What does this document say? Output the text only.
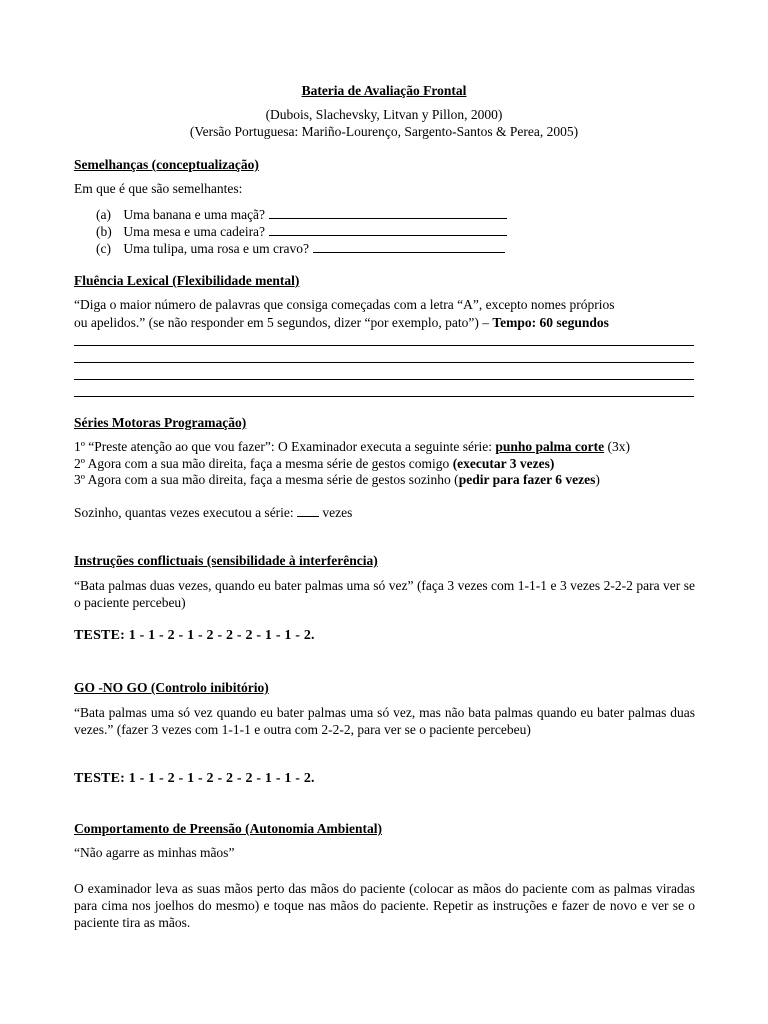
Bateria de Avaliação Frontal
(Dubois, Slachevsky, Litvan y Pillon, 2000)
(Versão Portuguesa: Mariño-Lourenço, Sargento-Santos & Perea, 2005)
Semelhanças (conceptualização)
Em que é que são semelhantes:
(a) Uma banana e uma maçã?
(b) Uma mesa e uma cadeira?
(c) Uma tulipa, uma rosa e um cravo?
Fluência Lexical (Flexibilidade mental)
“Diga o maior número de palavras que consiga começadas com a letra “A”, excepto nomes próprios
ou apelidos.” (se não responder em 5 segundos, dizer “por exemplo, pato”) – Tempo: 60 segundos
Séries Motoras Programação)
1º “Preste atenção ao que vou fazer”: O Examinador executa a seguinte série: punho palma corte (3x)
2º Agora com a sua mão direita, faça a mesma série de gestos comigo (executar 3 vezes)
3º Agora com a sua mão direita, faça a mesma série de gestos sozinho (pedir para fazer 6 vezes)
Sozinho, quantas vezes executou a série:  vezes
Instruções conflictuais (sensibilidade à interferência)
“Bata palmas duas vezes, quando eu bater palmas uma só vez” (faça 3 vezes com 1-1-1 e 3 vezes 2-2-2 para ver se o paciente percebeu)
TESTE: 1 - 1 - 2 - 1 - 2 - 2 - 2 - 1 - 1 - 2.
GO -NO GO (Controlo inibitório)
“Bata palmas uma só vez quando eu bater palmas uma só vez, mas não bata palmas quando eu bater palmas duas vezes.” (fazer 3 vezes com 1-1-1 e outra com 2-2-2, para ver se o paciente percebeu)
TESTE: 1 - 1 - 2 - 1 - 2 - 2 - 2 - 1 - 1 - 2.
Comportamento de Preensão (Autonomia Ambiental)
“Não agarre as minhas mãos”
O examinador leva as suas mãos perto das mãos do paciente (colocar as mãos do paciente com as palmas viradas para cima nos joelhos do mesmo) e toque nas mãos do paciente. Repetir as instruções e fazer de novo e ver se o paciente tira as mãos.
